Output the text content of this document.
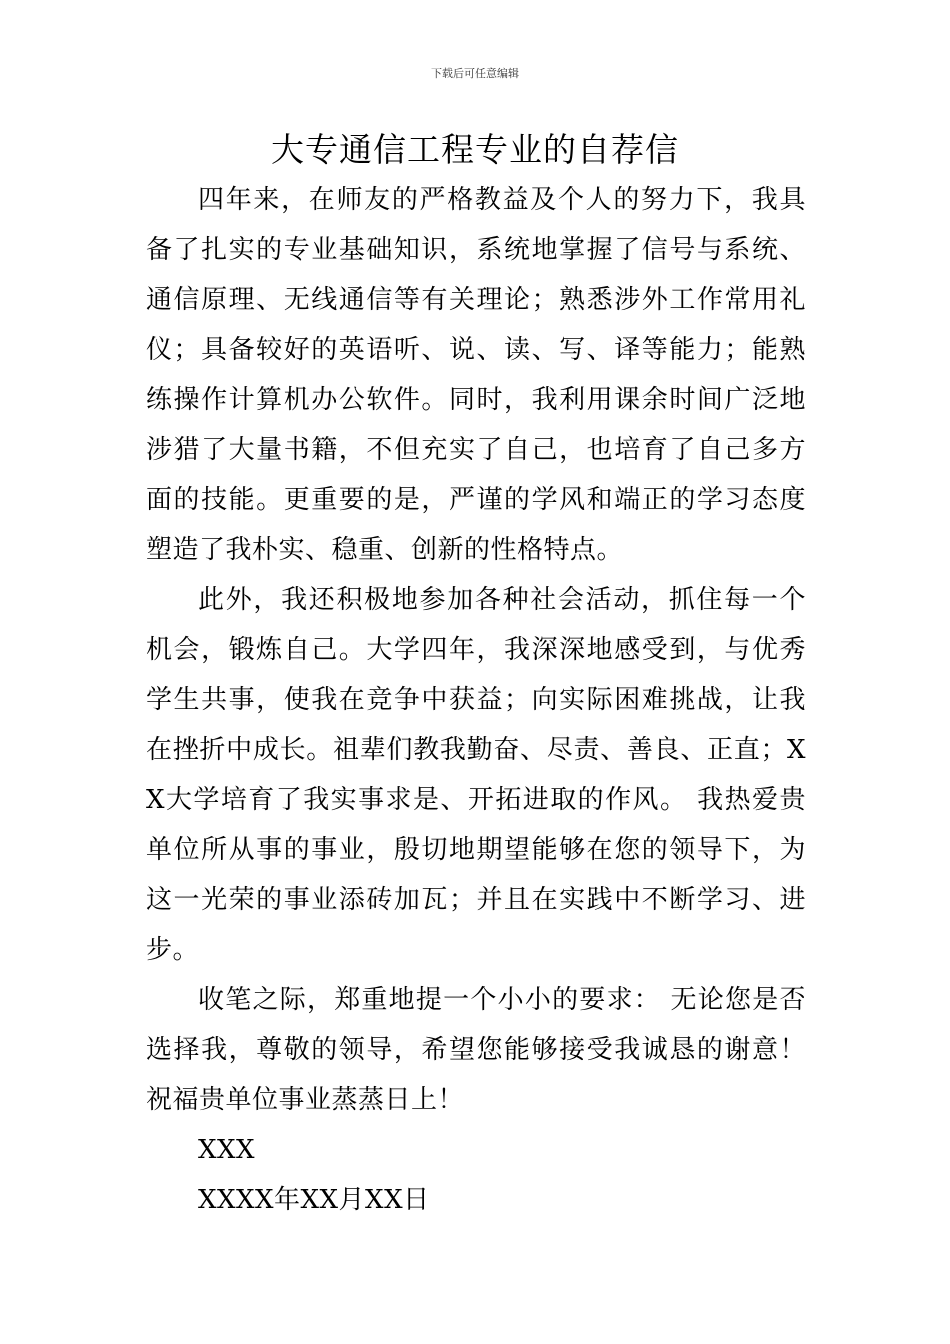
下载后可任意编辑
大专通信工程专业的自荐信

四年来，在师友的严格教益及个人的努力下，我具备了扎实的专业基础知识，系统地掌握了信号与系统、通信原理、无线通信等有关理论；熟悉涉外工作常用礼仪；具备较好的英语听、说、读、写、译等能力；能熟练操作计算机办公软件。同时，我利用课余时间广泛地涉猎了大量书籍，不但充实了自己，也培育了自己多方面的技能。更重要的是，严谨的学风和端正的学习态度塑造了我朴实、稳重、创新的性格特点。

此外，我还积极地参加各种社会活动，抓住每一个机会，锻炼自己。大学四年，我深深地感受到，与优秀学生共事，使我在竞争中获益；向实际困难挑战，让我在挫折中成长。祖辈们教我勤奋、尽责、善良、正直；XX大学培育了我实事求是、开拓进取的作风。 我热爱贵单位所从事的事业，殷切地期望能够在您的领导下，为这一光荣的事业添砖加瓦；并且在实践中不断学习、进步。

收笔之际，郑重地提一个小小的要求： 无论您是否选择我，尊敬的领导，希望您能够接受我诚恳的谢意！ 祝福贵单位事业蒸蒸日上！

XXX

XXXX年XX月XX日
